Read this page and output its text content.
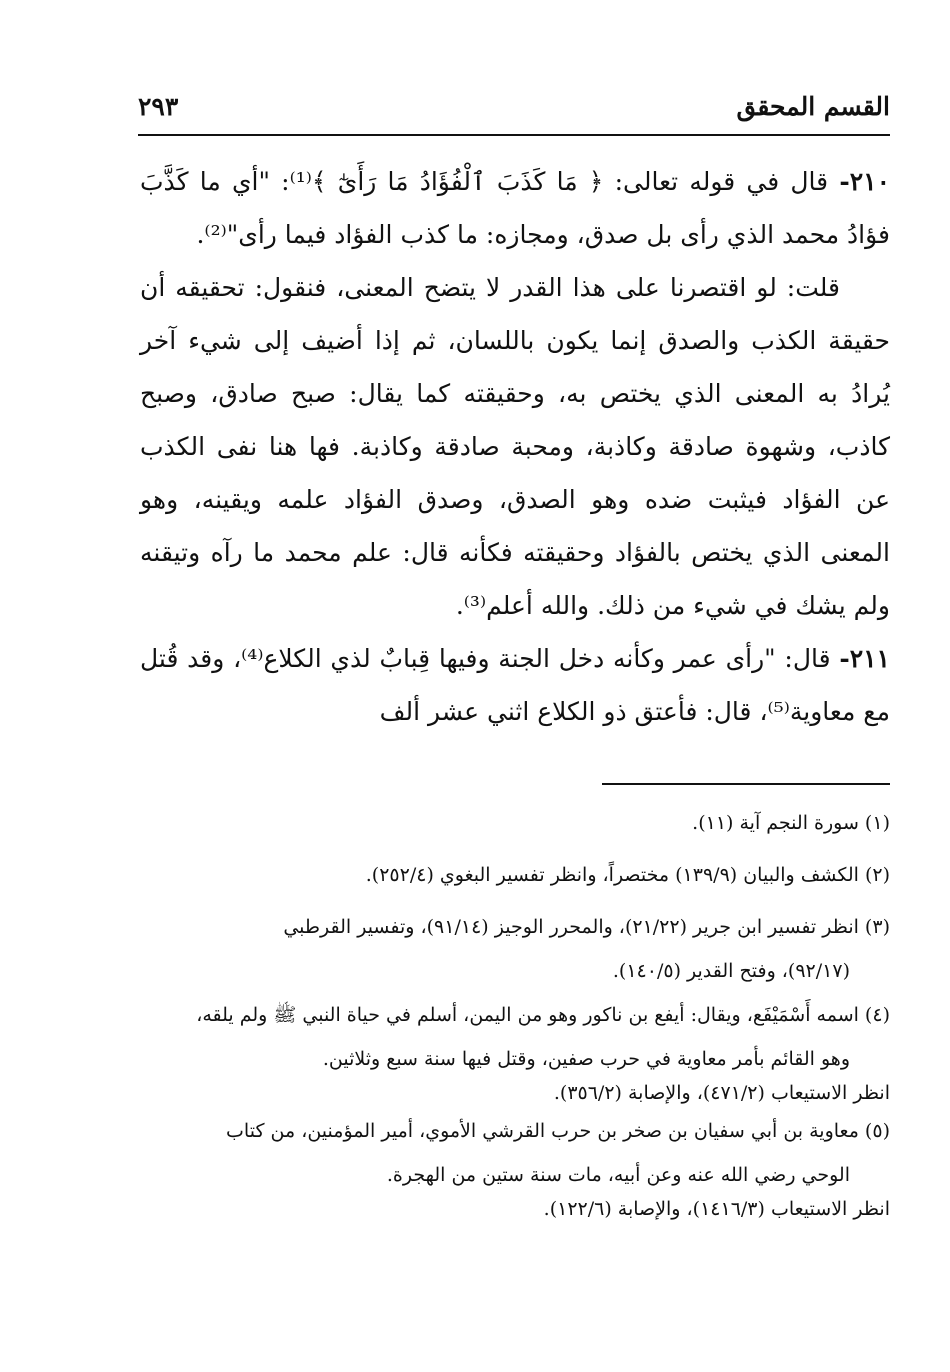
القسم المحقق
٢٩٣

٢١٠- قال في قوله تعالى: ﴿ مَا كَذَبَ ٱلْفُؤَادُ مَا رَأَىٰٓ ﴾⁽¹⁾: "أي ما كَذَّبَ فؤادُ محمد الذي رأى بل صدق، ومجازه: ما كذب الفؤاد فيما رأى"⁽²⁾.

قلت: لو اقتصرنا على هذا القدر لا يتضح المعنى، فنقول: تحقيقه أن حقيقة الكذب والصدق إنما يكون باللسان، ثم إذا أضيف إلى شيء آخر يُرادُ به المعنى الذي يختص به، وحقيقته كما يقال: صبح صادق، وصبح كاذب، وشهوة صادقة وكاذبة، ومحبة صادقة وكاذبة. فها هنا نفى الكذب عن الفؤاد فيثبت ضده وهو الصدق، وصدق الفؤاد علمه ويقينه، وهو المعنى الذي يختص بالفؤاد وحقيقته فكأنه قال: علم محمد ما رآه وتيقنه ولم يشك في شيء من ذلك. والله أعلم⁽³⁾.

٢١١- قال: "رأى عمر وكأنه دخل الجنة وفيها قِبابٌ لذي الكلاع⁽⁴⁾، وقد قُتل مع معاوية⁽⁵⁾، قال: فأعتق ذو الكلاع اثني عشر ألف

(١) سورة النجم آية (١١).
(٢) الكشف والبيان (١٣٩/٩) مختصراً، وانظر تفسير البغوي (٢٥٢/٤).
(٣) انظر تفسير ابن جرير (٢١/٢٢)، والمحرر الوجيز (٩١/١٤)، وتفسير القرطبي
(٩٢/١٧)، وفتح القدير (١٤٠/٥).
(٤) اسمه أَسْمَيْفَع، ويقال: أيفع بن ناكور وهو من اليمن، أسلم في حياة النبي ﷺ ولم يلقه،
وهو القائم بأمر معاوية في حرب صفين، وقتل فيها سنة سبع وثلاثين.
انظر الاستيعاب (٤٧١/٢)، والإصابة (٣٥٦/٢).
(٥) معاوية بن أبي سفيان بن صخر بن حرب القرشي الأموي، أمير المؤمنين، من كتاب
الوحي رضي الله عنه وعن أبيه، مات سنة ستين من الهجرة.
انظر الاستيعاب (١٤١٦/٣)، والإصابة (١٢٢/٦).
